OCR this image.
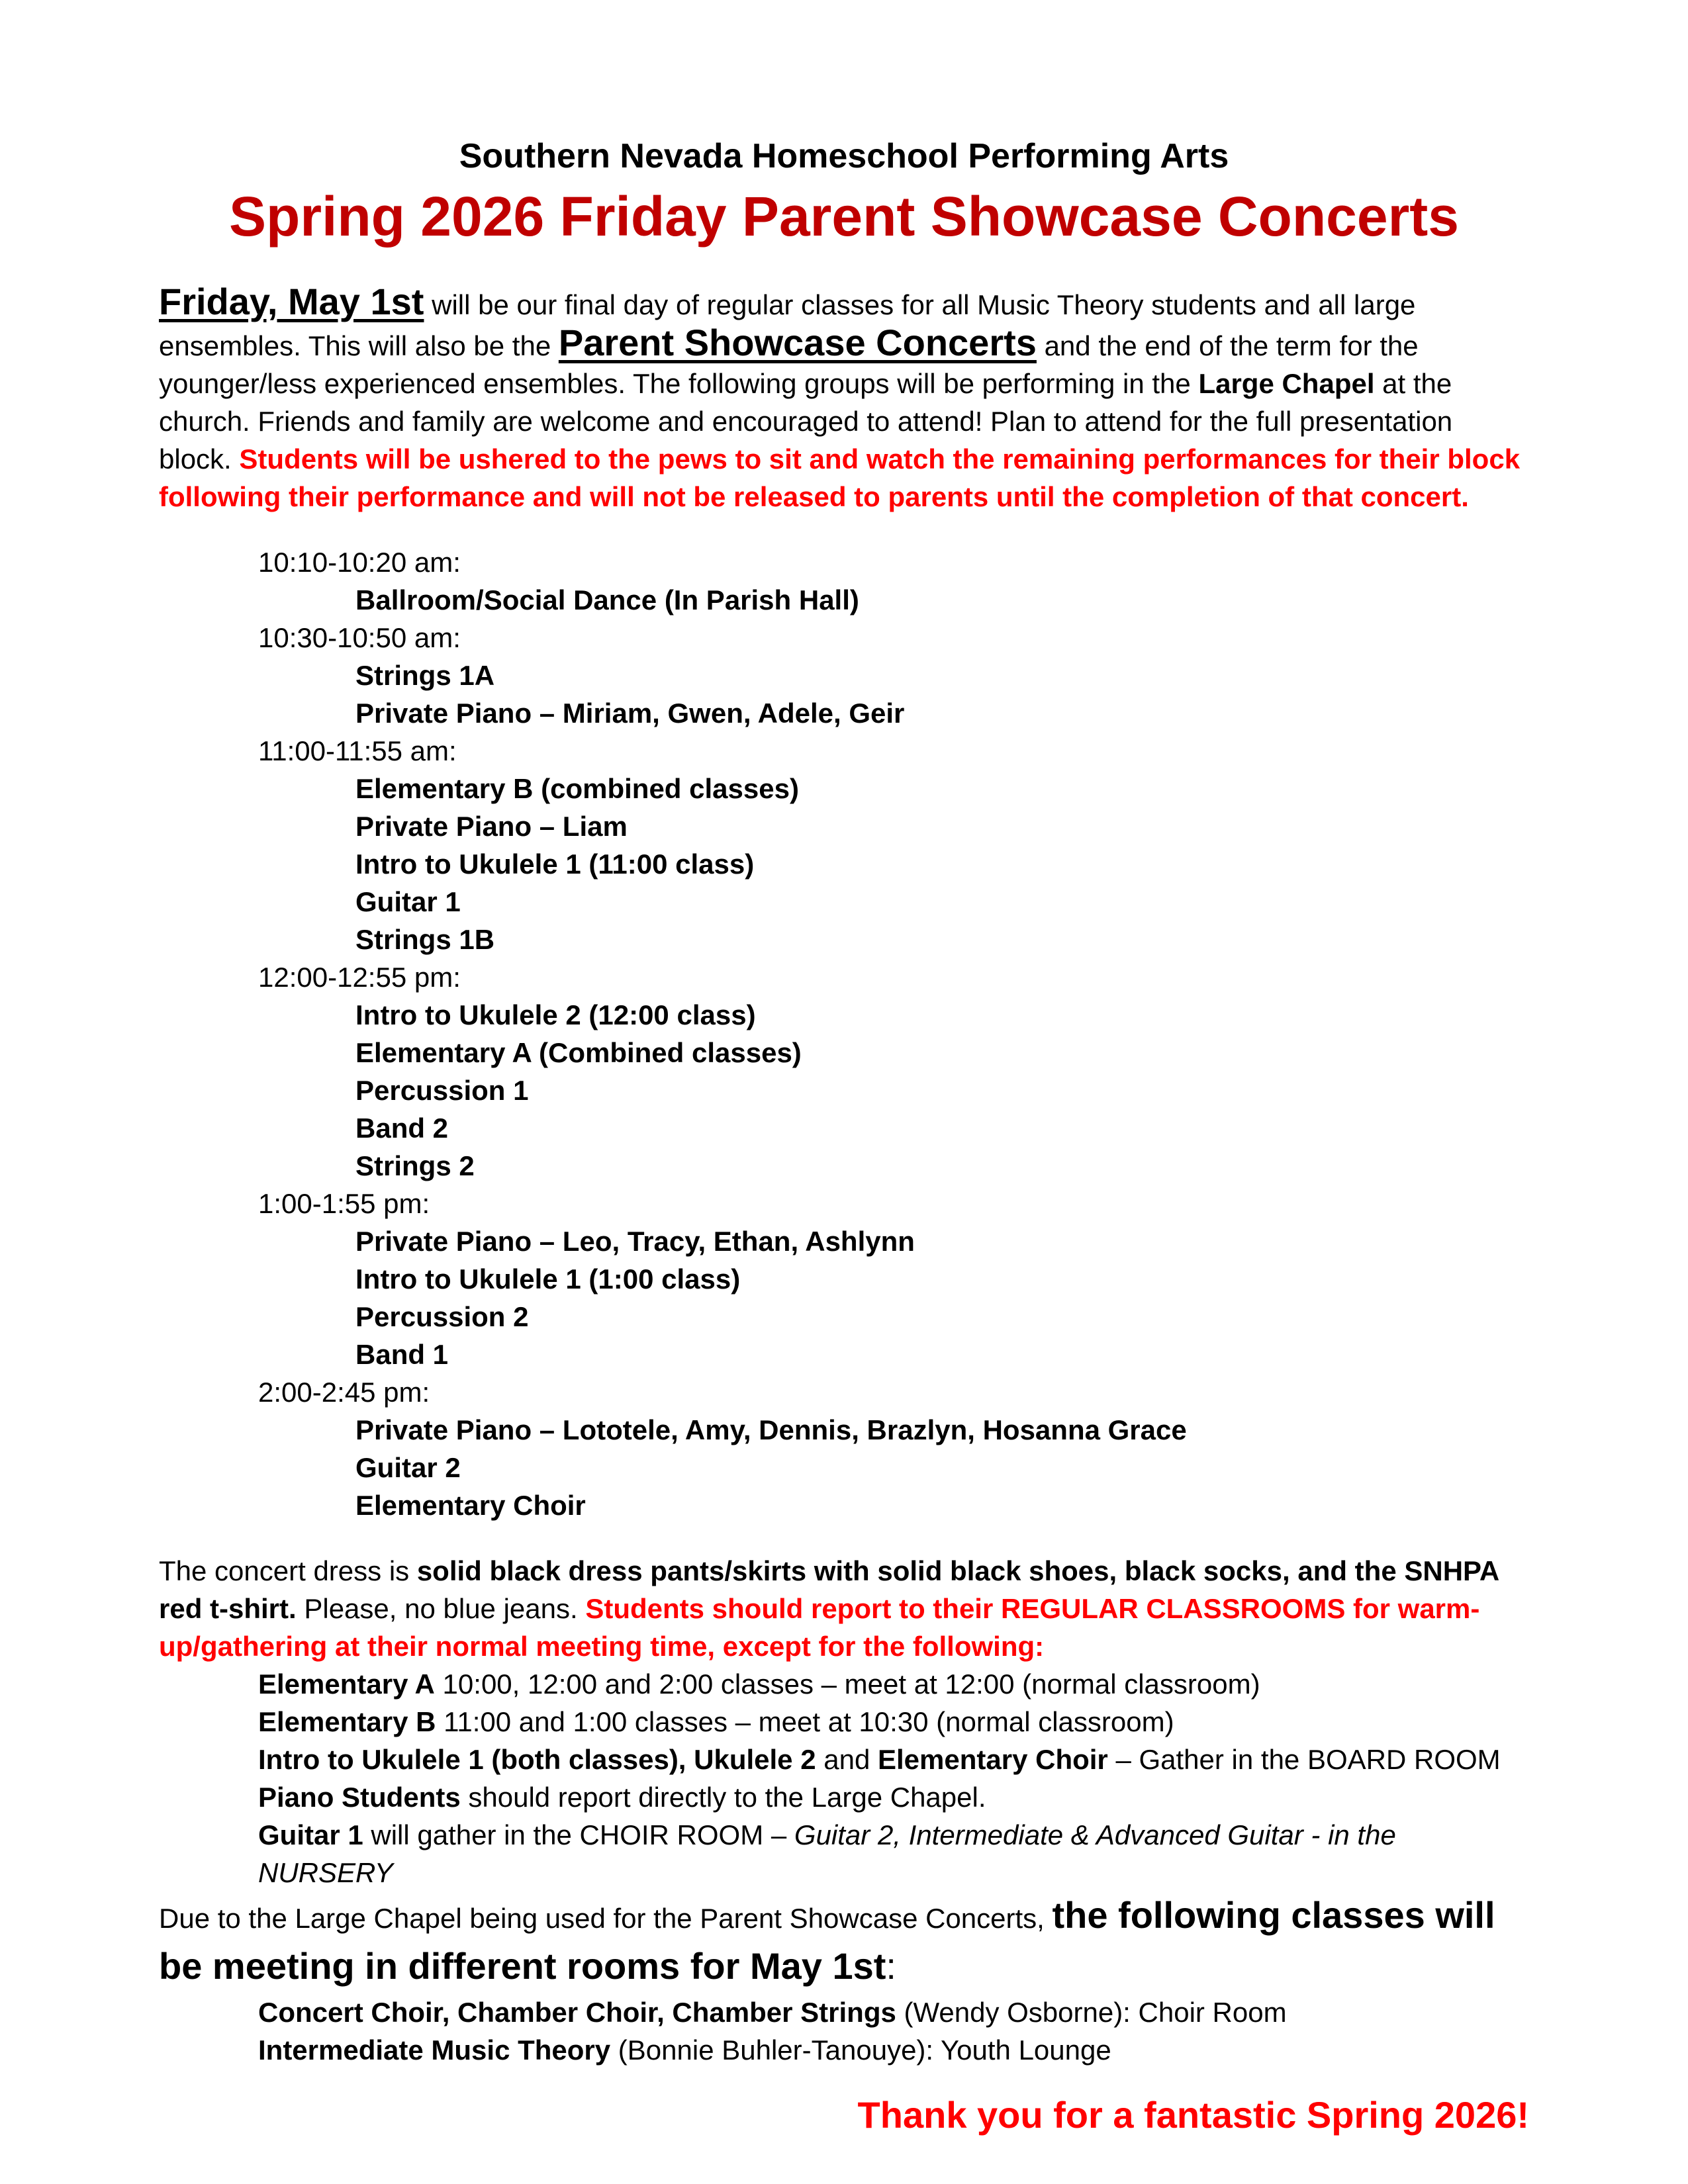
Southern Nevada Homeschool Performing Arts
Spring 2026 Friday Parent Showcase Concerts

Friday, May 1st will be our final day of regular classes for all Music Theory students and all large ensembles. This will also be the Parent Showcase Concerts and the end of the term for the younger/less experienced ensembles. The following groups will be performing in the Large Chapel at the church. Friends and family are welcome and encouraged to attend! Plan to attend for the full presentation block. Students will be ushered to the pews to sit and watch the remaining performances for their block following their performance and will not be released to parents until the completion of that concert.

10:10-10:20 am:
Ballroom/Social Dance (In Parish Hall)
10:30-10:50 am:
Strings 1A
Private Piano – Miriam, Gwen, Adele, Geir
11:00-11:55 am:
Elementary B (combined classes)
Private Piano – Liam
Intro to Ukulele 1 (11:00 class)
Guitar 1
Strings 1B
12:00-12:55 pm:
Intro to Ukulele 2 (12:00 class)
Elementary A (Combined classes)
Percussion 1
Band 2
Strings 2
1:00-1:55 pm:
Private Piano – Leo, Tracy, Ethan, Ashlynn
Intro to Ukulele 1 (1:00 class)
Percussion 2
Band 1
2:00-2:45 pm:
Private Piano – Lototele, Amy, Dennis, Brazlyn, Hosanna Grace
Guitar 2
Elementary Choir

The concert dress is solid black dress pants/skirts with solid black shoes, black socks, and the SNHPA red t-shirt. Please, no blue jeans. Students should report to their REGULAR CLASSROOMS for warm-up/gathering at their normal meeting time, except for the following:

Elementary A 10:00, 12:00 and 2:00 classes – meet at 12:00 (normal classroom)
Elementary B 11:00 and 1:00 classes – meet at 10:30 (normal classroom)
Intro to Ukulele 1 (both classes), Ukulele 2 and Elementary Choir – Gather in the BOARD ROOM
Piano Students should report directly to the Large Chapel.
Guitar 1 will gather in the CHOIR ROOM – Guitar 2, Intermediate & Advanced Guitar - in the NURSERY

Due to the Large Chapel being used for the Parent Showcase Concerts, the following classes will be meeting in different rooms for May 1st:

Concert Choir, Chamber Choir, Chamber Strings (Wendy Osborne): Choir Room
Intermediate Music Theory (Bonnie Buhler-Tanouye): Youth Lounge
Thank you for a fantastic Spring 2026!
